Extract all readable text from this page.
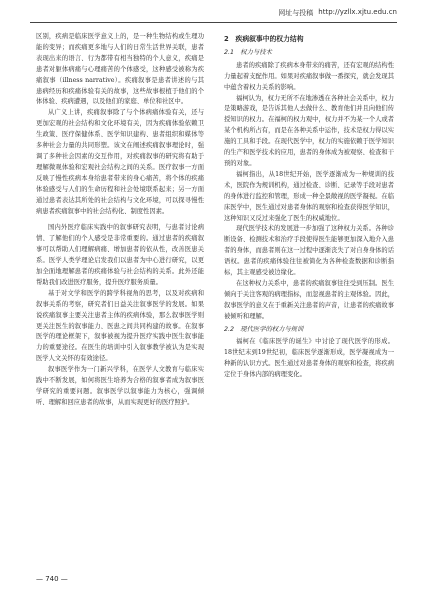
网址与投稿 http://yzllx.xjtu.edu.cn
区别，疾病是临床医学意义上的，是一种生物结构或生理功能的变异；而疾痛更多地与人们的日常生活世界关联，患者表现出来的语言、行为都带有相当独特的个人意义，疾痛是患者对躯体病痛与心理痛苦的个体感受，这种感受被称为疾痛叙事（illness narrative）。疾痛叙事是患者讲述的与其患病经历和疾痛体验有关的故事，这些故事根植于他们的个体体验、疾病遭遇，以及他们的家庭、单位和社区中。
从广义上讲，疾痛叙事除了与个体病痛体验有关，还与更加宏观的社会结构和文化环境有关，因为疾痛体验依赖卫生政策、医疗保健体系、医学知识建构、患者组织和媒体等多种社会力量的共同形塑。该文在阐述疾痛叙事理论时，强调了多种社会因素的交互作用，对疾痛叙事的研究将有助于理解微观体验和宏观社会结构之间的关系。医疗叙事一方面反映了慢性疾病本身给患者带来的身心痛苦，将个体的疾痛体验感受与人们的生命历程和社会处境联系起来；另一方面通过患者表达其所处的社会结构与文化环境，可以探寻慢性病患者疾痛叙事中的社会结构化、制度性因素。
国内外医疗临床实践中的叙事研究表明，与患者讨论病情、了解他们的个人感受是非常重要的。通过患者的疾痛叙事可以帮助人们理解病痛、增加患者的依从性，改善医患关系。医学人类学理论启发我们以患者为中心进行研究，以更加全面地理解患者的疾痛体验与社会结构的关系。此外还能帮助我们改进医疗服务，提升医疗服务质量。
基于对文学和医学的跨学科视角的思考，以及对疾病和叙事关系的考察，研究者们日益关注叙事医学的发展。如果说疾痛叙事主要关注患者主体的疾病体验，那么叙事医学则更关注医生的叙事能力、医患之间共同构建的故事。在叙事医学的理论框架下，叙事被视为提升医疗实践中医生叙事能力的重要途径。在医生的培训中引入叙事教学被认为是实现医学人文关怀的有效途径。
叙事医学作为一门新兴学科，在医学人文教育与临床实践中不断发展，如何将医生培养为合格的叙事者成为叙事医学研究的重要问题。叙事医学以叙事能力为核心，强调倾听、理解和回应患者的故事，从而实现更好的医疗照护。
2　疾病叙事中的权力结构
2.1　权力与技术
患者的疾痛除了疾病本身带来的痛苦，还有宏观的结构性力量起着支配作用。如果对疾痛叙事做一番探究，就会发现其中蕴含着权力关系的影响。
福柯认为，权力无所不在地渗透在各种社会关系中，权力是策略游戏，是告诉其他人去做什么、教育他们并且向他们传授知识的权力。在福柯的权力观中，权力并不为某一个人或者某个机构所占有，而是在各种关系中运作，技术是权力得以实施的工具和手段。在现代医学中，权力的实施依赖于医学知识的生产和医学技术的应用，患者的身体成为被观察、检查和干预的对象。
福柯指出，从18世纪开始，医学逐渐成为一种规训的技术，医院作为规训机构，通过检查、诊断、记录等手段对患者的身体进行监控和管理，形成一种全景敞视的医学凝视。在临床医学中，医生通过对患者身体的观察和检查获得医学知识，这种知识又反过来强化了医生的权威地位。
现代医学技术的发展进一步加强了这种权力关系。各种诊断设备、检测技术和治疗手段使得医生能够更加深入地介入患者的身体，而患者则在这一过程中逐渐丧失了对自身身体的话语权。患者的疾痛体验往往被简化为各种检查数据和诊断指标，其主观感受被边缘化。
在这种权力关系中，患者的疾痛叙事往往受到压制。医生倾向于关注客观的病理指标，而忽视患者的主观体验。因此，叙事医学的意义在于重新关注患者的声音，让患者的疾痛故事被倾听和理解。
2.2　现代医学的权力与规训
福柯在《临床医学的诞生》中讨论了现代医学的形成。18世纪末到19世纪初，临床医学逐渐形成，医学凝视成为一种新的认识方式。医生通过对患者身体的观察和检查，将疾病定位于身体内部的病理变化。
— 740 —
